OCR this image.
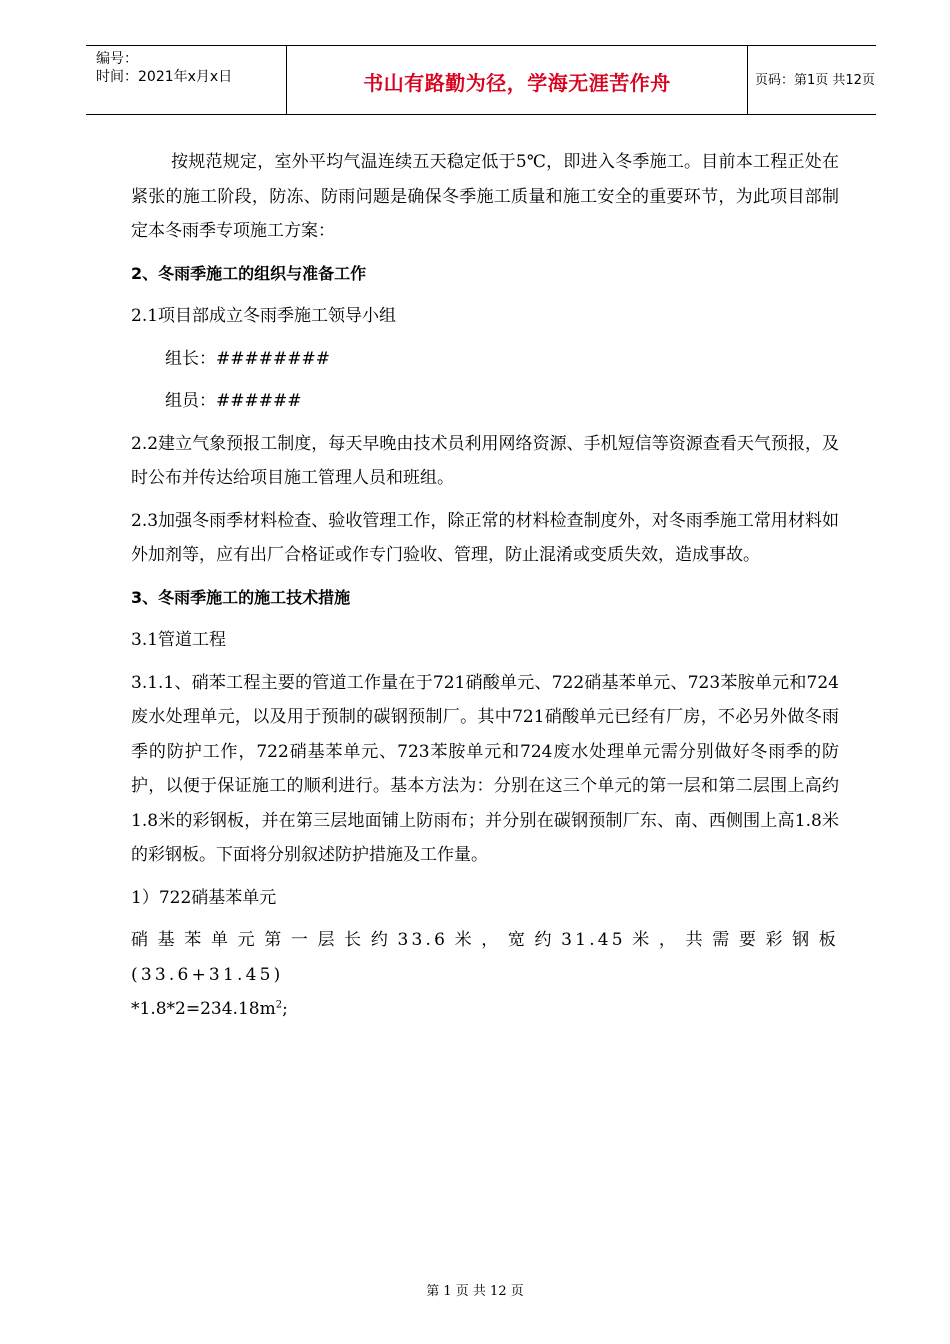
编号：
时间：2021年x月x日	书山有路勤为径，学海无涯苦作舟	页码：第1页 共12页

按规范规定，室外平均气温连续五天稳定低于5℃，即进入冬季施工。目前本工程正处在紧张的施工阶段，防冻、防雨问题是确保冬季施工质量和施工安全的重要环节，为此项目部制定本冬雨季专项施工方案：

2、冬雨季施工的组织与准备工作

2.1项目部成立冬雨季施工领导小组

组长：########

组员：######

2.2建立气象预报工制度，每天早晚由技术员利用网络资源、手机短信等资源查看天气预报，及时公布并传达给项目施工管理人员和班组。

2.3加强冬雨季材料检查、验收管理工作，除正常的材料检查制度外，对冬雨季施工常用材料如外加剂等，应有出厂合格证或作专门验收、管理，防止混淆或变质失效，造成事故。

3、冬雨季施工的施工技术措施

3.1管道工程

3.1.1、硝苯工程主要的管道工作量在于721硝酸单元、722硝基苯单元、723苯胺单元和724废水处理单元，以及用于预制的碳钢预制厂。其中721硝酸单元已经有厂房，不必另外做冬雨季的防护工作，722硝基苯单元、723苯胺单元和724废水处理单元需分别做好冬雨季的防护，以便于保证施工的顺利进行。基本方法为：分别在这三个单元的第一层和第二层围上高约1.8米的彩钢板，并在第三层地面铺上防雨布；并分别在碳钢预制厂东、南、西侧围上高1.8米的彩钢板。下面将分别叙述防护措施及工作量。

1）722硝基苯单元

硝基苯单元第一层长约33.6米，宽约31.45米，共需要彩钢板(33.6+31.45)
$*1.8*2=234.18m^2$;

第 1 页 共 12 页
